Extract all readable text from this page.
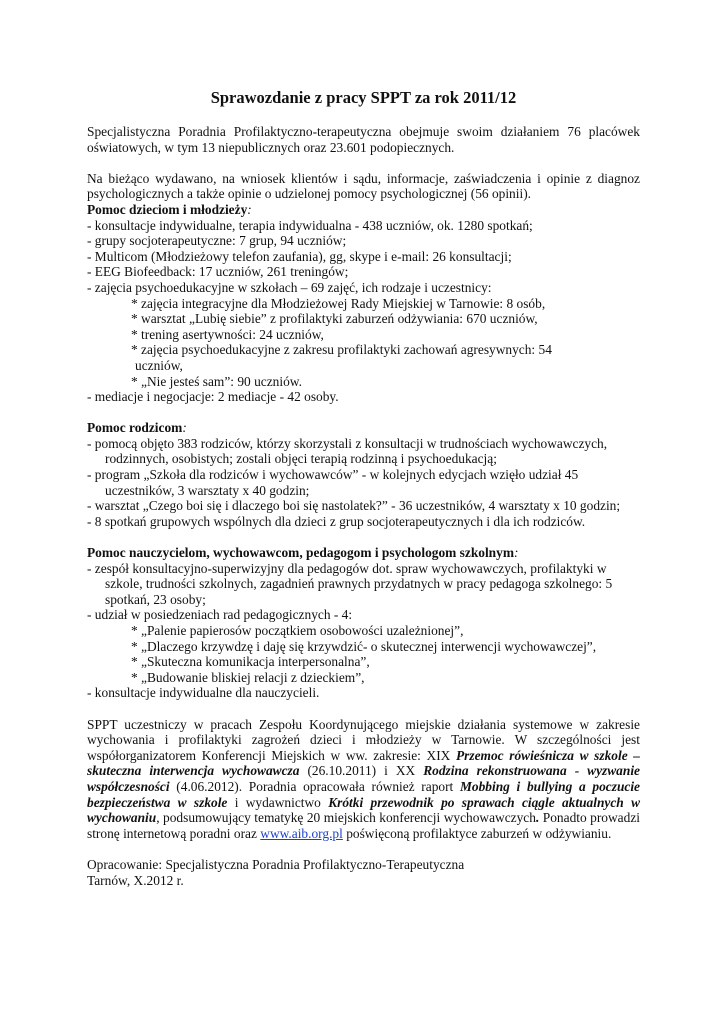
Sprawozdanie z pracy SPPT za rok 2011/12

Specjalistyczna Poradnia Profilaktyczno-terapeutyczna obejmuje swoim działaniem 76 placówek oświatowych, w tym 13 niepublicznych oraz 23.601 podopiecznych.

Na bieżąco wydawano, na wniosek klientów i sądu, informacje, zaświadczenia i opinie z diagnoz psychologicznych a także opinie o udzielonej pomocy psychologicznej (56 opinii).

Pomoc dzieciom i młodzieży:

- konsultacje indywidualne, terapia indywidualna - 438 uczniów, ok. 1280 spotkań;

- grupy socjoterapeutyczne: 7 grup, 94 uczniów;

- Multicom (Młodzieżowy telefon zaufania), gg, skype i e-mail: 26 konsultacji;

- EEG Biofeedback: 17 uczniów, 261 treningów;

- zajęcia psychoedukacyjne w szkołach – 69 zajęć, ich rodzaje i uczestnicy:

* zajęcia integracyjne dla Młodzieżowej Rady Miejskiej w Tarnowie: 8 osób,

* warsztat „Lubię siebie” z profilaktyki zaburzeń odżywiania: 670 uczniów,

* trening asertywności: 24 uczniów,

* zajęcia psychoedukacyjne z zakresu profilaktyki zachowań agresywnych: 54

uczniów,

* „Nie jesteś sam”: 90 uczniów.

- mediacje i negocjacje: 2 mediacje - 42 osoby.

Pomoc rodzicom:

- pomocą objęto 383 rodziców, którzy skorzystali z konsultacji w trudnościach wychowawczych, rodzinnych, osobistych; zostali objęci terapią rodzinną i psychoedukacją;

- program „Szkoła dla rodziców i wychowawców” - w kolejnych edycjach wzięło udział 45 uczestników, 3 warsztaty x 40 godzin;

- warsztat „Czego boi się i dlaczego boi się nastolatek?” - 36 uczestników, 4 warsztaty x 10 godzin;

- 8 spotkań grupowych wspólnych dla dzieci z grup socjoterapeutycznych i dla ich rodziców.

Pomoc nauczycielom, wychowawcom, pedagogom i psychologom szkolnym:

- zespół konsultacyjno-superwizyjny dla pedagogów dot. spraw wychowawczych, profilaktyki w szkole, trudności szkolnych, zagadnień prawnych przydatnych w pracy pedagoga szkolnego: 5 spotkań, 23 osoby;

- udział w posiedzeniach rad pedagogicznych - 4:

* „Palenie papierosów początkiem osobowości uzależnionej”,

* „Dlaczego krzywdzę i daję się krzywdzić- o skutecznej interwencji wychowawczej”,

* „Skuteczna komunikacja interpersonalna”,

* „Budowanie bliskiej relacji z dzieckiem”,

- konsultacje indywidualne dla nauczycieli.

SPPT uczestniczy w pracach Zespołu Koordynującego miejskie działania systemowe w zakresie wychowania i profilaktyki zagrożeń dzieci i młodzieży w Tarnowie. W szczególności jest współorganizatorem Konferencji Miejskich w ww. zakresie: XIX Przemoc rówieśnicza w szkole – skuteczna interwencja wychowawcza (26.10.2011) i XX Rodzina rekonstruowana - wyzwanie współczesności (4.06.2012). Poradnia opracowała również raport Mobbing i bullying a poczucie bezpieczeństwa w szkole i wydawnictwo Krótki przewodnik po sprawach ciągle aktualnych w wychowaniu, podsumowujący tematykę 20 miejskich konferencji wychowawczych. Ponadto prowadzi stronę internetową poradni oraz www.aib.org.pl poświęconą profilaktyce zaburzeń w odżywianiu.

Opracowanie: Specjalistyczna Poradnia Profilaktyczno-Terapeutyczna

Tarnów, X.2012 r.
